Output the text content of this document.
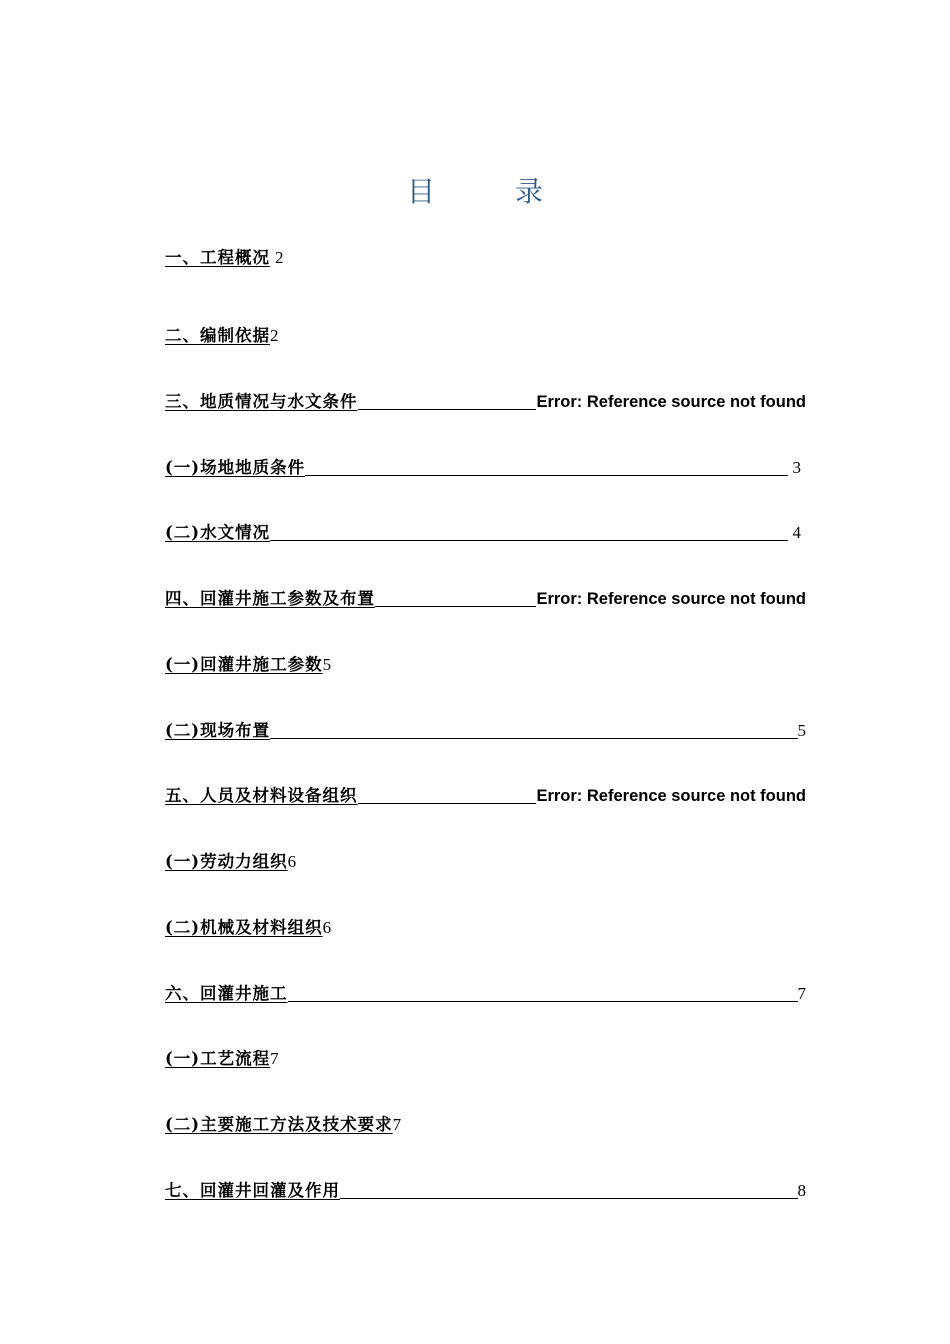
目	录
一、工程概况 2
二、编制依据 2
三、地质情况与水文条件	Error: Reference source not found
(一)场地地质条件	3
(二)水文情况	4
四、回灌井施工参数及布置	Error: Reference source not found
(一)回灌井施工参数 5
(二)现场布置	5
五、人员及材料设备组织	Error: Reference source not found
(一)劳动力组织 6
(二)机械及材料组织 6
六、回灌井施工	7
(一)工艺流程 7
(二)主要施工方法及技术要求 7
七、回灌井回灌及作用	8
